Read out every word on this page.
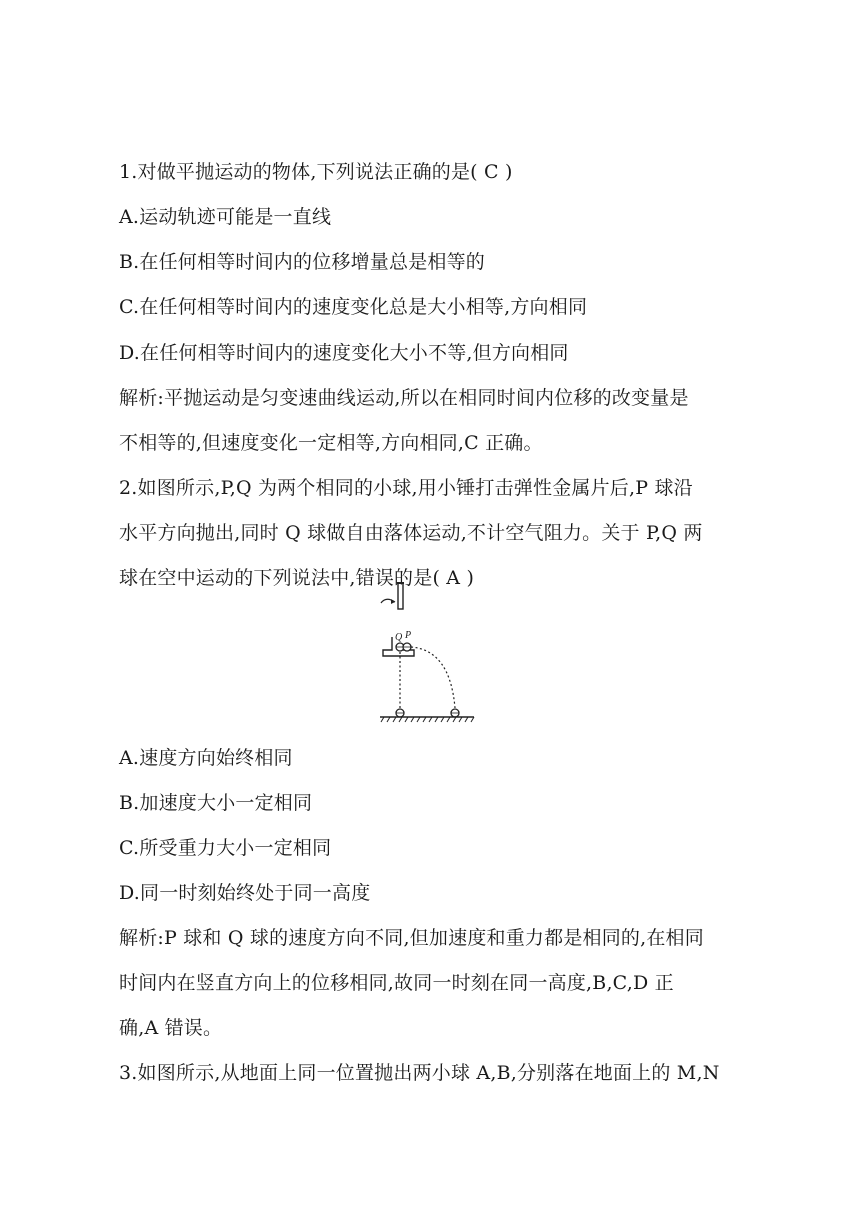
1.对做平抛运动的物体,下列说法正确的是( C )
A.运动轨迹可能是一直线
B.在任何相等时间内的位移增量总是相等的
C.在任何相等时间内的速度变化总是大小相等,方向相同
D.在任何相等时间内的速度变化大小不等,但方向相同
解析:平抛运动是匀变速曲线运动,所以在相同时间内位移的改变量是
不相等的,但速度变化一定相等,方向相同,C 正确。
2.如图所示,P,Q 为两个相同的小球,用小锤打击弹性金属片后,P 球沿
水平方向抛出,同时 Q 球做自由落体运动,不计空气阻力。关于 P,Q 两
球在空中运动的下列说法中,错误的是( A )
Q P
A.速度方向始终相同
B.加速度大小一定相同
C.所受重力大小一定相同
D.同一时刻始终处于同一高度
解析:P 球和 Q 球的速度方向不同,但加速度和重力都是相同的,在相同
时间内在竖直方向上的位移相同,故同一时刻在同一高度,B,C,D 正
确,A 错误。
3.如图所示,从地面上同一位置抛出两小球 A,B,分别落在地面上的 M,N
